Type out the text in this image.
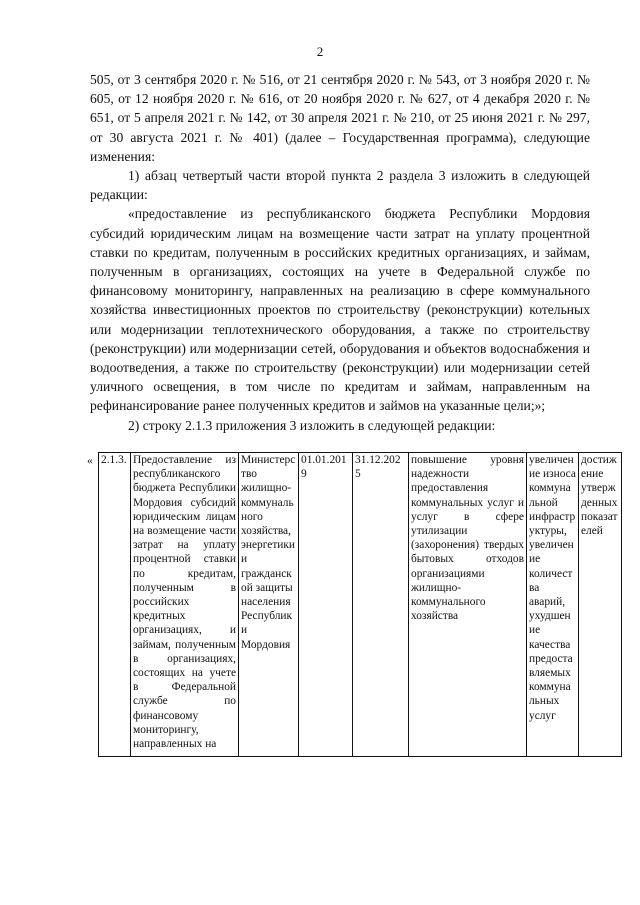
2

505, от 3 сентября 2020 г. № 516, от 21 сентября 2020 г. № 543, от 3 ноября 2020 г. № 605, от 12 ноября 2020 г. № 616, от 20 ноября 2020 г. № 627, от 4 декабря 2020 г. № 651, от 5 апреля 2021 г. № 142, от 30 апреля 2021 г. № 210, от 25 июня 2021 г. № 297, от 30 августа 2021 г. № 401) (далее – Государственная программа), следующие изменения:

1) абзац четвертый части второй пункта 2 раздела 3 изложить в следующей редакции:

«предоставление из республиканского бюджета Республики Мордовия субсидий юридическим лицам на возмещение части затрат на уплату процентной ставки по кредитам, полученным в российских кредитных организациях, и займам, полученным в организациях, состоящих на учете в Федеральной службе по финансовому мониторингу, направленных на реализацию в сфере коммунального хозяйства инвестиционных проектов по строительству (реконструкции) котельных или модернизации теплотехнического оборудования, а также по строительству (реконструкции) или модернизации сетей, оборудования и объектов водоснабжения и водоотведения, а также по строительству (реконструкции) или модернизации сетей уличного освещения, в том числе по кредитам и займам, направленным на рефинансирование ранее полученных кредитов и займов на указанные цели;»;

2) строку 2.1.3 приложения 3 изложить в следующей редакции:

« 2.1.3.	Предоставление из республиканского бюджета Республики Мордовия субсидий юридическим лицам на возмещение части затрат на уплату процентной ставки по кредитам, полученным в российских кредитных организациях, и займам, полученным в организациях, состоящих на учете в Федеральной службе по финансовому мониторингу, направленных на	Министерство жилищно-коммунального хозяйства, энергетики и гражданской защиты населения Республики Мордовия	01.01.2019	31.12.2025	повышение уровня надежности предоставления коммунальных услуг и услуг в сфере утилизации (захоронения) твердых бытовых отходов организациями жилищно-коммунального хозяйства	увеличение износа коммунальной инфраструктуры, увеличение количества аварий, ухудшение качества предоставляемых коммунальных услуг	достижение утвержденных показателей
